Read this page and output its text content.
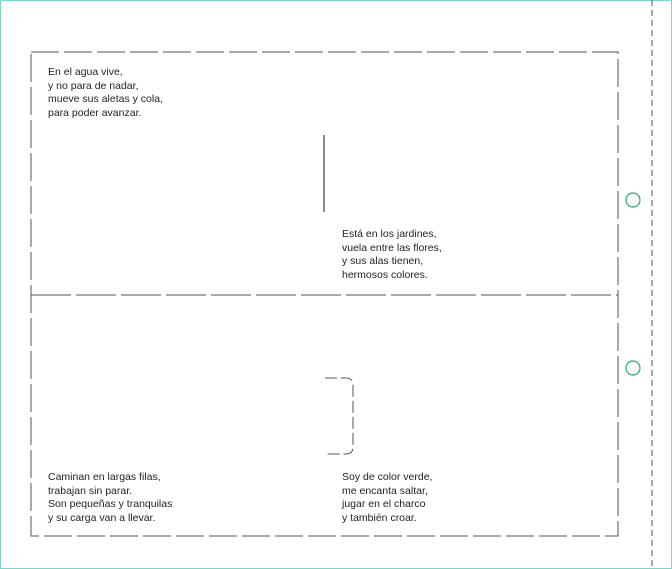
En el agua vive,
y no para de nadar,
mueve sus aletas y cola,
para poder avanzar.
Está en los jardines,
vuela entre las flores,
y sus alas tienen,
hermosos colores.
Caminan en largas filas,
trabajan sin parar.
Son pequeñas y tranquilas
y su carga van a llevar.
Soy de color verde,
me encanta saltar,
jugar en el charco
y también croar.
